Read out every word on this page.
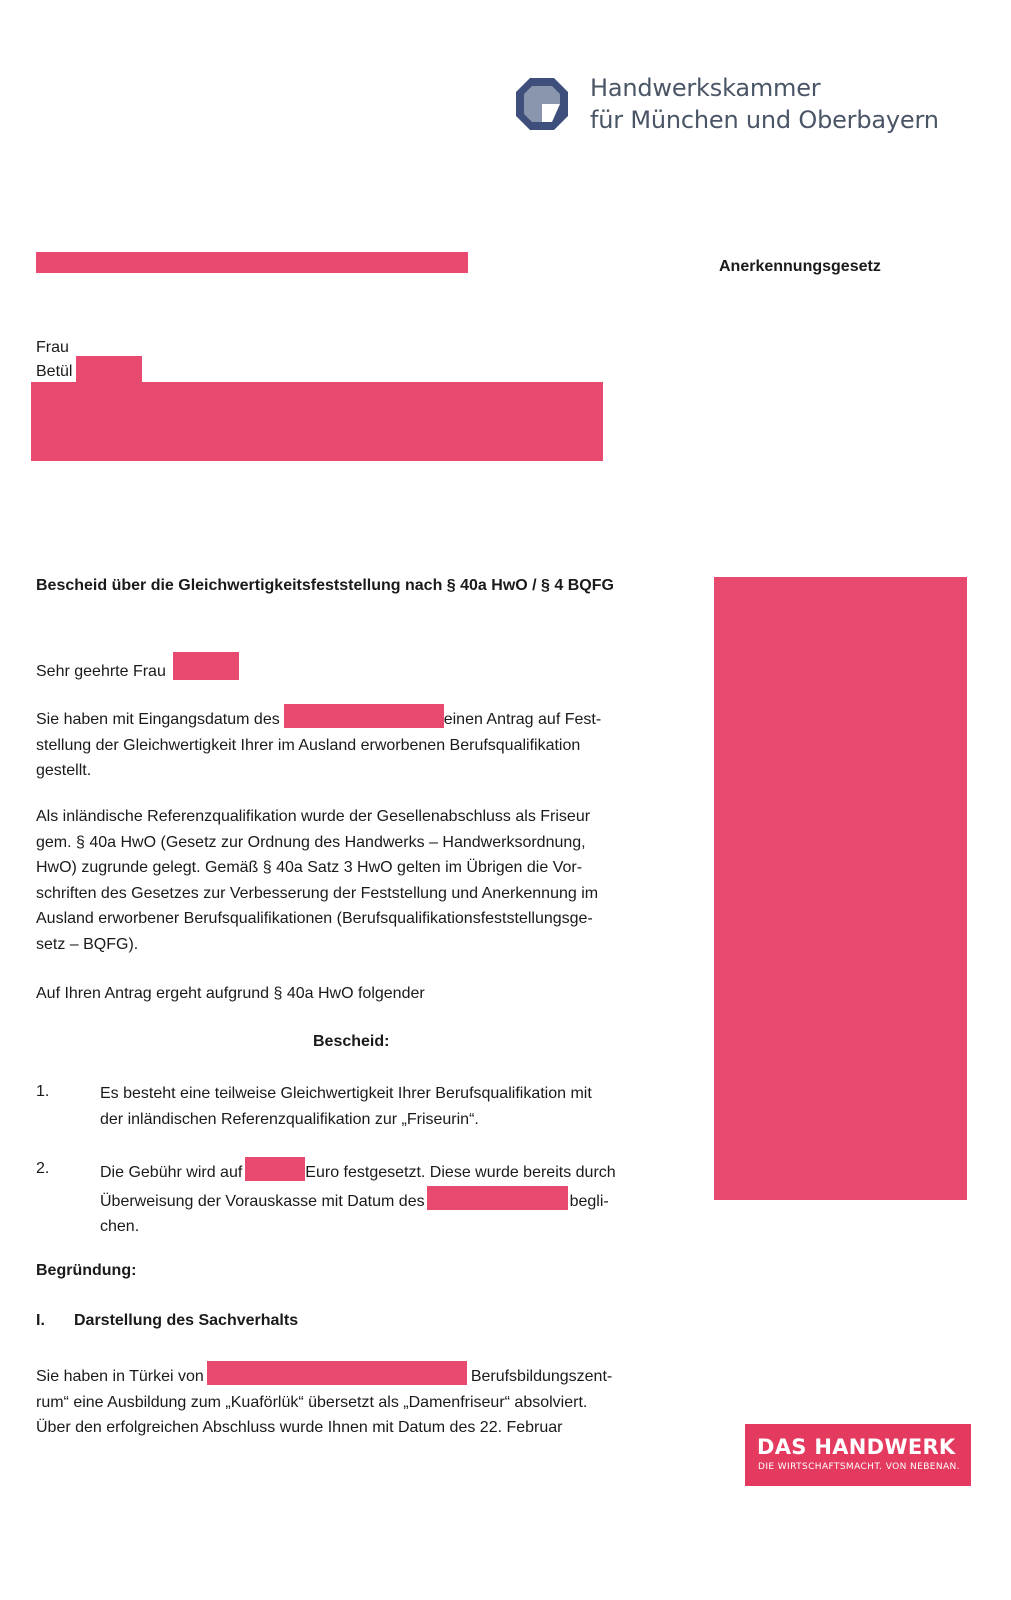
Handwerkskammer
für München und Oberbayern
Anerkennungsgesetz
Frau
Betül
Bescheid über die Gleichwertigkeitsfeststellung nach § 40a HwO / § 4 BQFG
Sehr geehrte Frau
Sie haben mit Eingangsdatum des	einen Antrag auf Fest-
stellung der Gleichwertigkeit Ihrer im Ausland erworbenen Berufsqualifikation
gestellt.
Als inländische Referenzqualifikation wurde der Gesellenabschluss als Friseur
gem. § 40a HwO (Gesetz zur Ordnung des Handwerks – Handwerksordnung,
HwO) zugrunde gelegt. Gemäß § 40a Satz 3 HwO gelten im Übrigen die Vor-
schriften des Gesetzes zur Verbesserung der Feststellung und Anerkennung im
Ausland erworbener Berufsqualifikationen (Berufsqualifikationsfeststellungsge-
setz – BQFG).
Auf Ihren Antrag ergeht aufgrund § 40a HwO folgender
Bescheid:
1.	Es besteht eine teilweise Gleichwertigkeit Ihrer Berufsqualifikation mit
der inländischen Referenzqualifikation zur „Friseurin“.
2.	Die Gebühr wird auf	Euro festgesetzt. Diese wurde bereits durch
Überweisung der Vorauskasse mit Datum des	begli-
chen.
Begründung:
I. Darstellung des Sachverhalts
Sie haben in Türkei von	Berufsbildungszent-
rum“ eine Ausbildung zum „Kuaförlük“ übersetzt als „Damenfriseur“ absolviert.
Über den erfolgreichen Abschluss wurde Ihnen mit Datum des 22. Februar
DAS HANDWERK
DIE WIRTSCHAFTSMACHT. VON NEBENAN.
